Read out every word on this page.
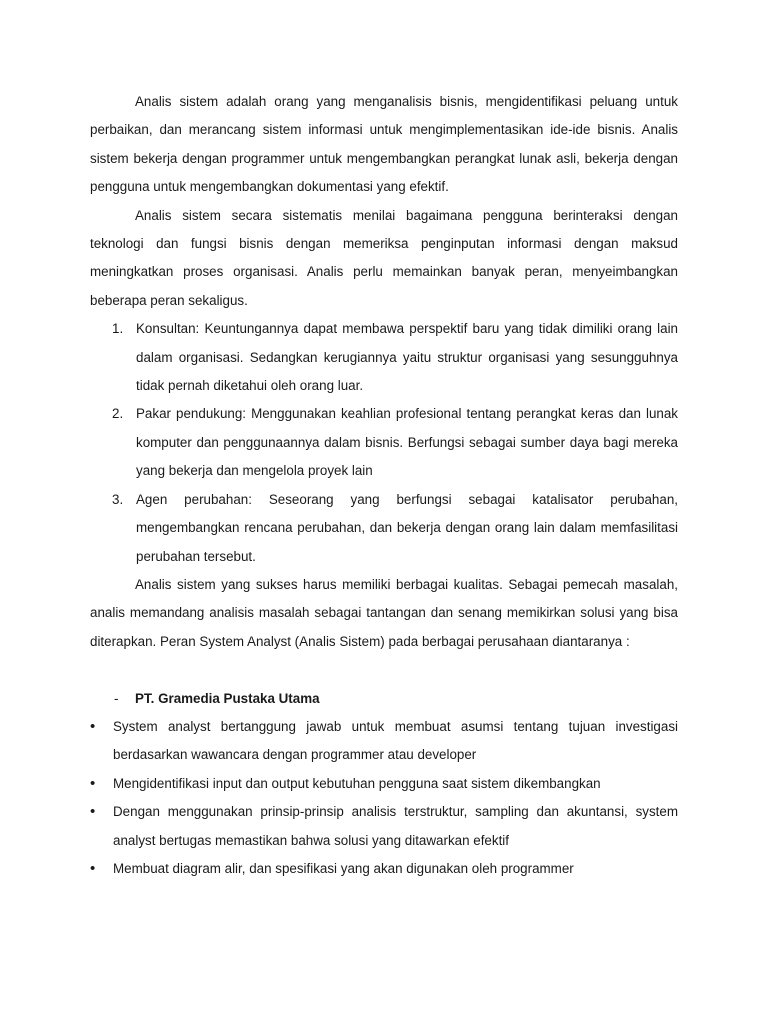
Analis sistem adalah orang yang menganalisis bisnis, mengidentifikasi peluang untuk perbaikan, dan merancang sistem informasi untuk mengimplementasikan ide-ide bisnis. Analis sistem bekerja dengan programmer untuk mengembangkan perangkat lunak asli, bekerja dengan pengguna untuk mengembangkan dokumentasi yang efektif.

Analis sistem secara sistematis menilai bagaimana pengguna berinteraksi dengan teknologi dan fungsi bisnis dengan memeriksa penginputan informasi dengan maksud meningkatkan proses organisasi. Analis perlu memainkan banyak peran, menyeimbangkan beberapa peran sekaligus.

1. Konsultan: Keuntungannya dapat membawa perspektif baru yang tidak dimiliki orang lain dalam organisasi. Sedangkan kerugiannya yaitu struktur organisasi yang sesungguhnya tidak pernah diketahui oleh orang luar.
2. Pakar pendukung: Menggunakan keahlian profesional tentang perangkat keras dan lunak komputer dan penggunaannya dalam bisnis. Berfungsi sebagai sumber daya bagi mereka yang bekerja dan mengelola proyek lain
3. Agen perubahan: Seseorang yang berfungsi sebagai katalisator perubahan, mengembangkan rencana perubahan, dan bekerja dengan orang lain dalam memfasilitasi perubahan tersebut.

Analis sistem yang sukses harus memiliki berbagai kualitas. Sebagai pemecah masalah, analis memandang analisis masalah sebagai tantangan dan senang memikirkan solusi yang bisa diterapkan. Peran System Analyst (Analis Sistem) pada berbagai perusahaan diantaranya :

- PT. Gramedia Pustaka Utama
• System analyst bertanggung jawab untuk membuat asumsi tentang tujuan investigasi berdasarkan wawancara dengan programmer atau developer
• Mengidentifikasi input dan output kebutuhan pengguna saat sistem dikembangkan
• Dengan menggunakan prinsip-prinsip analisis terstruktur, sampling dan akuntansi, system analyst bertugas memastikan bahwa solusi yang ditawarkan efektif
• Membuat diagram alir, dan spesifikasi yang akan digunakan oleh programmer
